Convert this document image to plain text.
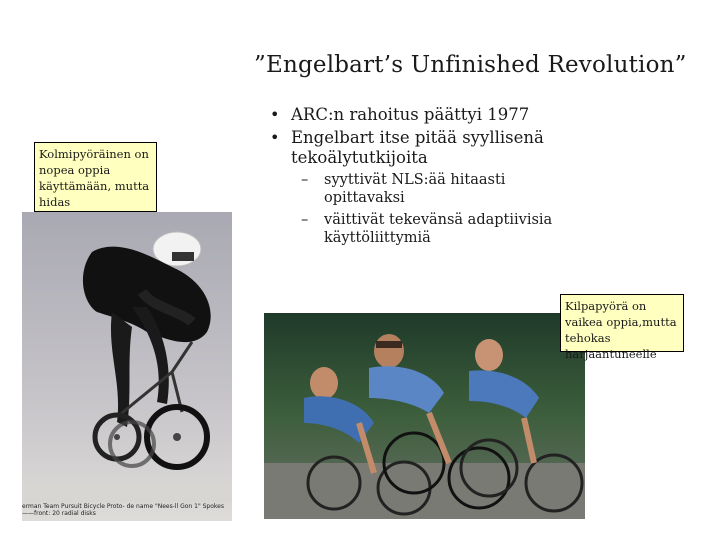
”Engelbart’s Unfinished Revolution”
• ARC:n rahoitus päättyi 1977
• Engelbart itse pitää syyllisenä tekoälytutkijoita
– syyttivät NLS:ää hitaasti opittavaksi
– väittivät tekevänsä adaptiivisia käyttöliittymiä
Kolmipyöräinen on nopea oppia käyttämään, mutta hidas
erman Team Pursuit Bicycle Proto- de name "Nees-ll Gon 1" Spokes ——front: 20 radial disks
Kilpapyörä on vaikea oppia,mutta tehokas harjaantuneelle
